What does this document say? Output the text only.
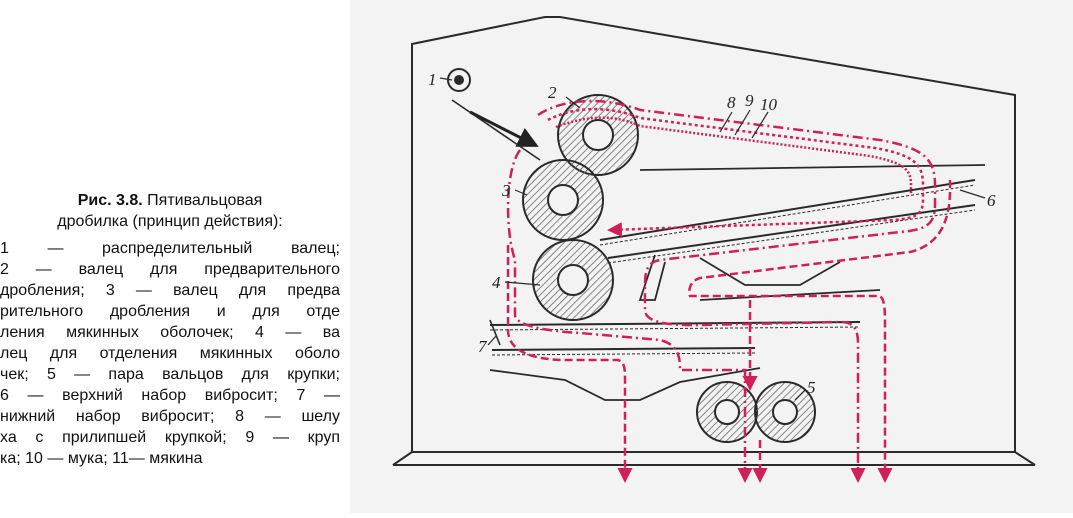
Рис. 3.8. Пятивальцовая
дробилка (принцип действия):
1 — распределительный валец;
2 — валец для предварительного
дробления; 3 — валец для предва
рительного дробления и для отде
ления мякинных оболочек; 4 — ва
лец для отделения мякинных оболо
чек; 5 — пара вальцов для крупки;
6 — верхний набор вибросит; 7 —
нижний набор вибросит; 8 — шелу
ха с прилипшей крупкой; 9 — круп
ка; 10 — мука; 11— мякина
1
2
3
4
5
6
7
8 9 10
